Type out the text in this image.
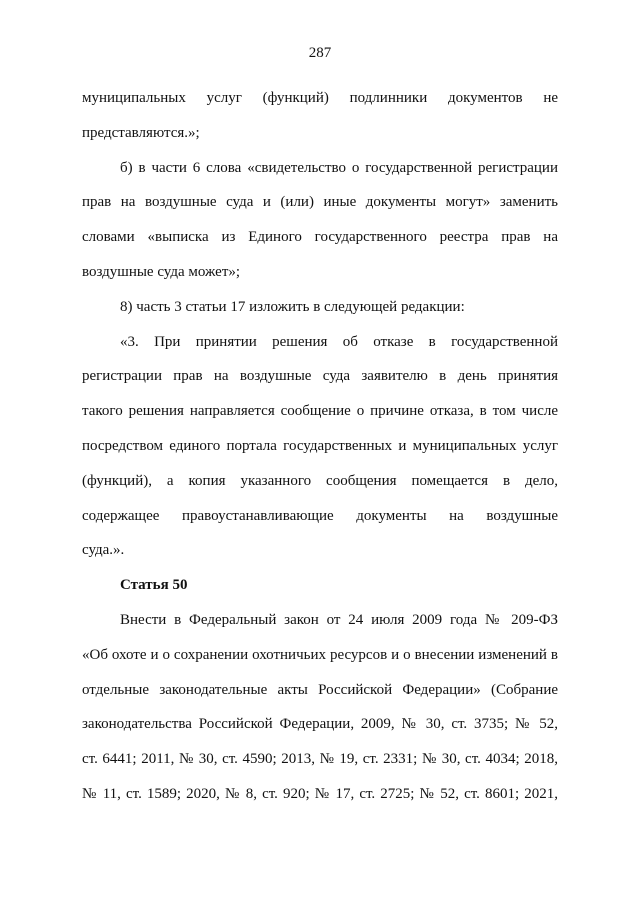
287
муниципальных услуг (функций) подлинники документов не
представляются.»;
б) в части 6 слова «свидетельство о государственной регистрации
прав на воздушные суда и (или) иные документы могут» заменить
словами «выписка из Единого государственного реестра прав на
воздушные суда может»;
8) часть 3 статьи 17 изложить в следующей редакции:
«3. При принятии решения об отказе в государственной
регистрации прав на воздушные суда заявителю в день принятия
такого решения направляется сообщение о причине отказа, в том числе
посредством единого портала государственных и муниципальных услуг
(функций), а копия указанного сообщения помещается в дело,
содержащее правоустанавливающие документы на воздушные
суда.».
Статья 50
Внести в Федеральный закон от 24 июля 2009 года № 209-ФЗ
«Об охоте и о сохранении охотничьих ресурсов и о внесении изменений в
отдельные законодательные акты Российской Федерации» (Собрание
законодательства Российской Федерации, 2009, № 30, ст. 3735; № 52,
ст. 6441; 2011, № 30, ст. 4590; 2013, № 19, ст. 2331; № 30, ст. 4034; 2018,
№ 11, ст. 1589; 2020, № 8, ст. 920; № 17, ст. 2725; № 52, ст. 8601; 2021,
